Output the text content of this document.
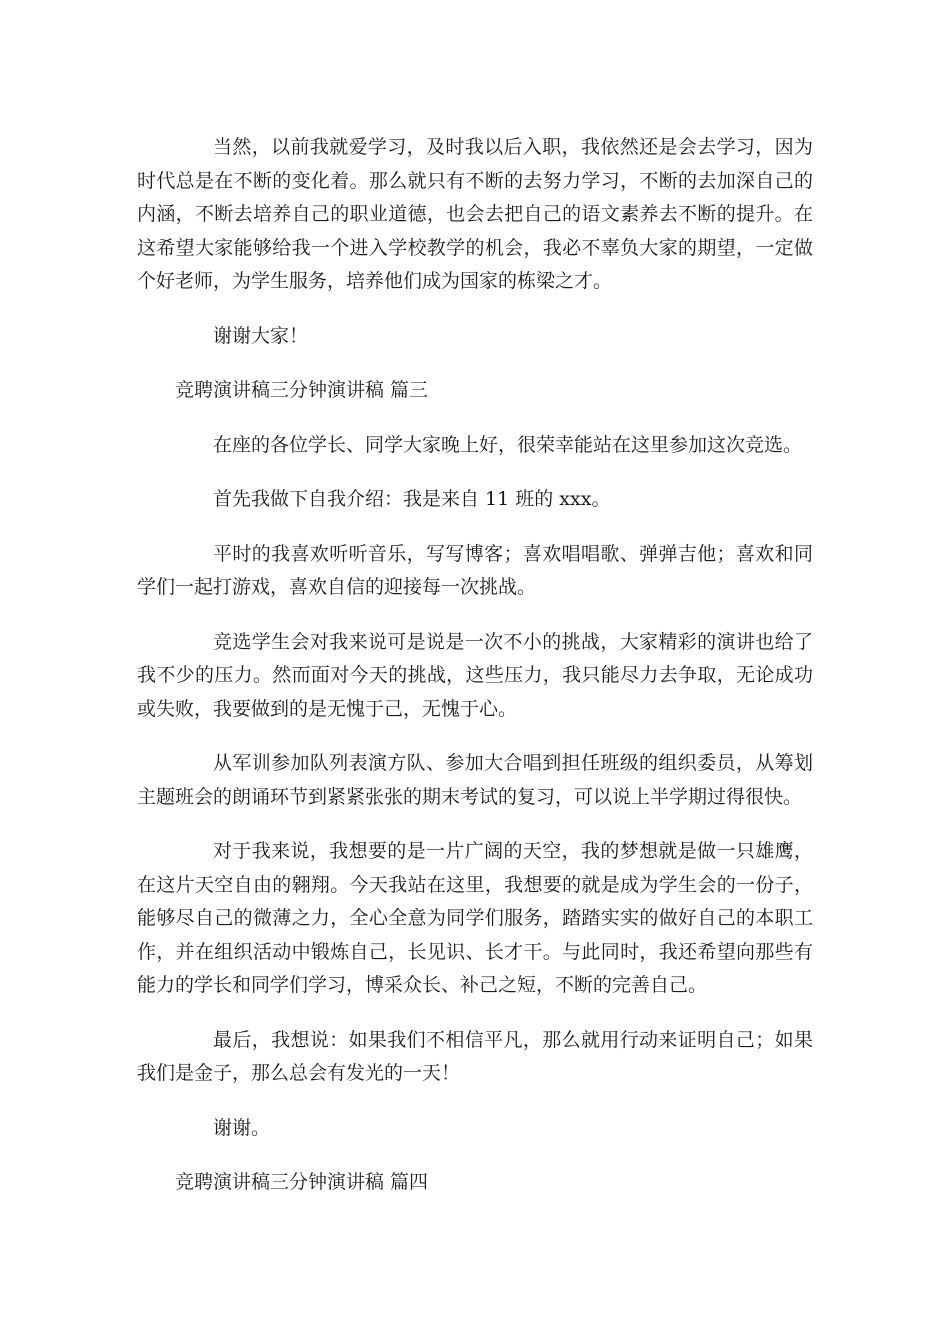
当然，以前我就爱学习，及时我以后入职，我依然还是会去学习，因为时代总是在不断的变化着。那么就只有不断的去努力学习，不断的去加深自己的内涵，不断去培养自己的职业道德，也会去把自己的语文素养去不断的提升。在这希望大家能够给我一个进入学校教学的机会，我必不辜负大家的期望，一定做个好老师，为学生服务，培养他们成为国家的栋梁之才。

谢谢大家！

竞聘演讲稿三分钟演讲稿 篇三

在座的各位学长、同学大家晚上好，很荣幸能站在这里参加这次竞选。

首先我做下自我介绍：我是来自 11 班的 xxx。

平时的我喜欢听听音乐，写写博客；喜欢唱唱歌、弹弹吉他；喜欢和同学们一起打游戏，喜欢自信的迎接每一次挑战。

竞选学生会对我来说可是说是一次不小的挑战，大家精彩的演讲也给了我不少的压力。然而面对今天的挑战，这些压力，我只能尽力去争取，无论成功或失败，我要做到的是无愧于己，无愧于心。

从军训参加队列表演方队、参加大合唱到担任班级的组织委员，从筹划主题班会的朗诵环节到紧紧张张的期末考试的复习，可以说上半学期过得很快。

对于我来说，我想要的是一片广阔的天空，我的梦想就是做一只雄鹰，在这片天空自由的翱翔。今天我站在这里，我想要的就是成为学生会的一份子，能够尽自己的微薄之力，全心全意为同学们服务，踏踏实实的做好自己的本职工作，并在组织活动中锻炼自己，长见识、长才干。与此同时，我还希望向那些有能力的学长和同学们学习，博采众长、补己之短，不断的完善自己。

最后，我想说：如果我们不相信平凡，那么就用行动来证明自己；如果我们是金子，那么总会有发光的一天！

谢谢。

竞聘演讲稿三分钟演讲稿 篇四
